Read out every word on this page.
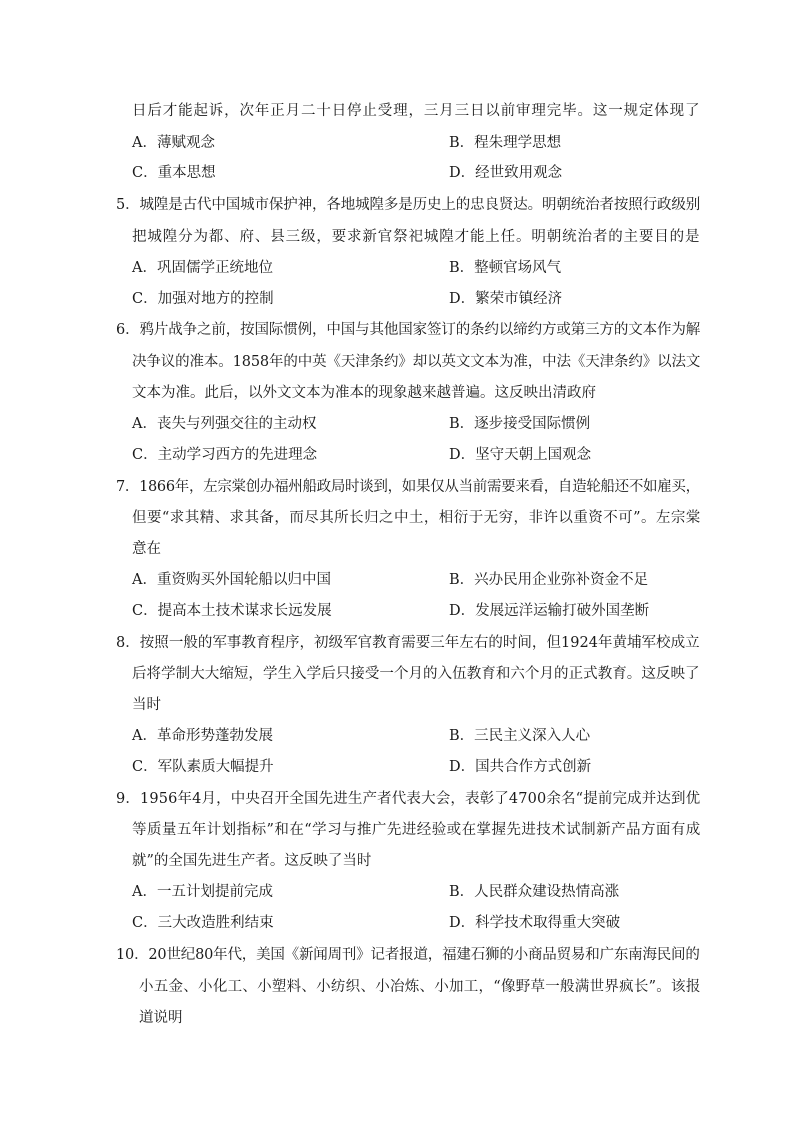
日后才能起诉，次年正月二十日停止受理，三月三日以前审理完毕。这一规定体现了
A．薄赋观念	B．程朱理学思想
C．重本思想	D．经世致用观念
5．城隍是古代中国城市保护神，各地城隍多是历史上的忠良贤达。明朝统治者按照行政级别
把城隍分为都、府、县三级，要求新官祭祀城隍才能上任。明朝统治者的主要目的是
A．巩固儒学正统地位	B．整顿官场风气
C．加强对地方的控制	D．繁荣市镇经济
6．鸦片战争之前，按国际惯例，中国与其他国家签订的条约以缔约方或第三方的文本作为解
决争议的准本。1858年的中英《天津条约》却以英文文本为准，中法《天津条约》以法文
文本为准。此后，以外文文本为准本的现象越来越普遍。这反映出清政府
A．丧失与列强交往的主动权	B．逐步接受国际惯例
C．主动学习西方的先进理念	D．坚守天朝上国观念
7．1866年，左宗棠创办福州船政局时谈到，如果仅从当前需要来看，自造轮船还不如雇买，
但要“求其精、求其备，而尽其所长归之中土，相衍于无穷，非许以重资不可”。左宗棠
意在
A．重资购买外国轮船以归中国	B．兴办民用企业弥补资金不足
C．提高本土技术谋求长远发展	D．发展远洋运输打破外国垄断
8．按照一般的军事教育程序，初级军官教育需要三年左右的时间，但1924年黄埔军校成立
后将学制大大缩短，学生入学后只接受一个月的入伍教育和六个月的正式教育。这反映了
当时
A．革命形势蓬勃发展	B．三民主义深入人心
C．军队素质大幅提升	D．国共合作方式创新
9．1956年4月，中央召开全国先进生产者代表大会，表彰了4700余名“提前完成并达到优
等质量五年计划指标”和在“学习与推广先进经验或在掌握先进技术试制新产品方面有成
就”的全国先进生产者。这反映了当时
A．一五计划提前完成	B．人民群众建设热情高涨
C．三大改造胜利结束	D．科学技术取得重大突破
10．20世纪80年代，美国《新闻周刊》记者报道，福建石狮的小商品贸易和广东南海民间的
小五金、小化工、小塑料、小纺织、小冶炼、小加工，“像野草一般满世界疯长”。该报
道说明
